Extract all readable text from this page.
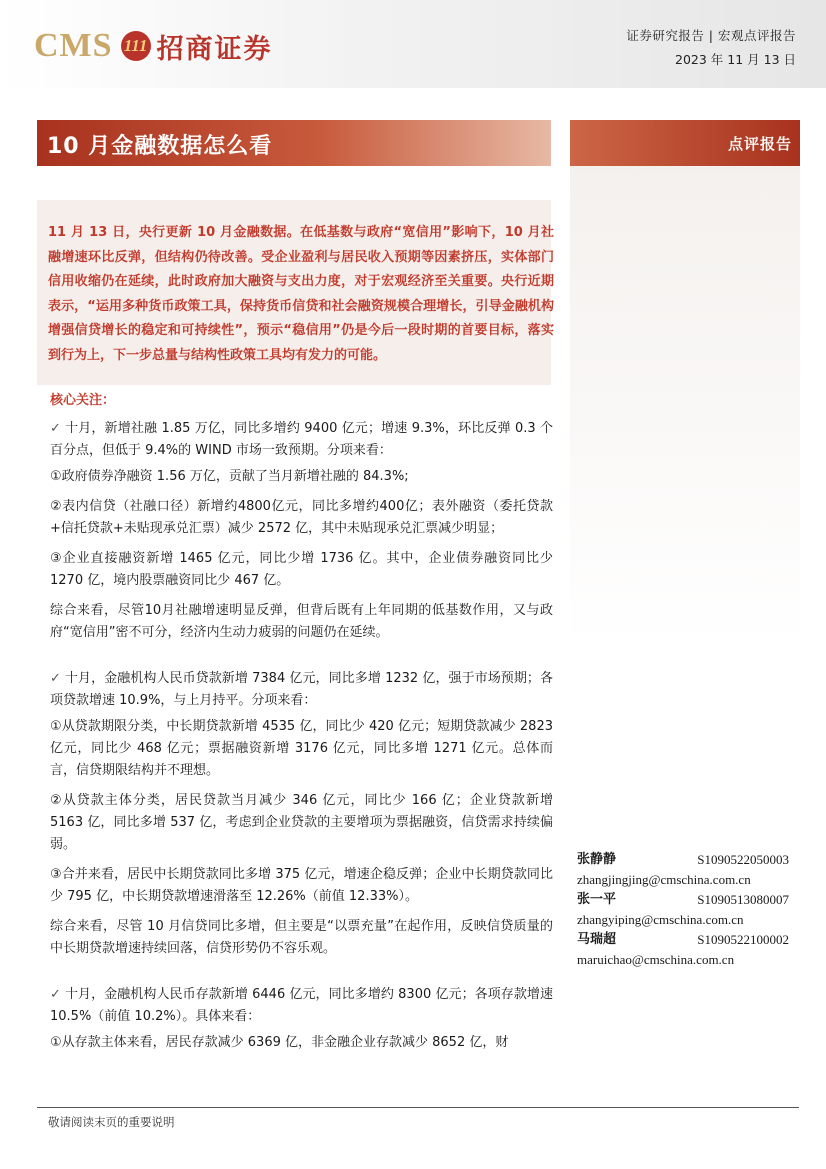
CMS 111 招商证券	证券研究报告 | 宏观点评报告
2023 年 11 月 13 日
10 月金融数据怎么看	点评报告

11 月 13 日，央行更新 10 月金融数据。在低基数与政府“宽信用”影响下，10 月社融增速环比反弹，但结构仍待改善。受企业盈利与居民收入预期等因素挤压，实体部门信用收缩仍在延续，此时政府加大融资与支出力度，对于宏观经济至关重要。央行近期表示，“运用多种货币政策工具，保持货币信贷和社会融资规模合理增长，引导金融机构增强信贷增长的稳定和可持续性”，预示“稳信用”仍是今后一段时期的首要目标，落实到行为上，下一步总量与结构性政策工具均有发力的可能。

核心关注：

✓ 十月，新增社融 1.85 万亿，同比多增约 9400 亿元；增速 9.3%，环比反弹 0.3 个百分点，但低于 9.4%的 WIND 市场一致预期。分项来看：

①政府债券净融资 1.56 万亿，贡献了当月新增社融的 84.3%;

②表内信贷（社融口径）新增约4800亿元，同比多增约400亿；表外融资（委托贷款+信托贷款+未贴现承兑汇票）减少 2572 亿，其中未贴现承兑汇票减少明显；

③企业直接融资新增 1465 亿元，同比少增 1736 亿。其中，企业债券融资同比少 1270 亿，境内股票融资同比少 467 亿。

综合来看，尽管10月社融增速明显反弹，但背后既有上年同期的低基数作用，又与政府“宽信用”密不可分，经济内生动力疲弱的问题仍在延续。

✓ 十月，金融机构人民币贷款新增 7384 亿元，同比多增 1232 亿，强于市场预期；各项贷款增速 10.9%，与上月持平。分项来看：

①从贷款期限分类，中长期贷款新增 4535 亿，同比少 420 亿元；短期贷款减少 2823 亿元，同比少 468 亿元；票据融资新增 3176 亿元，同比多增 1271 亿元。总体而言，信贷期限结构并不理想。

②从贷款主体分类，居民贷款当月减少 346 亿元，同比少 166 亿；企业贷款新增 5163 亿，同比多增 537 亿，考虑到企业贷款的主要增项为票据融资，信贷需求持续偏弱。

③合并来看，居民中长期贷款同比多增 375 亿元，增速企稳反弹；企业中长期贷款同比少 795 亿，中长期贷款增速滑落至 12.26%（前值 12.33%）。

综合来看，尽管 10 月信贷同比多增，但主要是“以票充量”在起作用，反映信贷质量的中长期贷款增速持续回落，信贷形势仍不容乐观。

✓ 十月，金融机构人民币存款新增 6446 亿元，同比多增约 8300 亿元；各项存款增速 10.5%（前值 10.2%）。具体来看：

①从存款主体来看，居民存款减少 6369 亿，非金融企业存款减少 8652 亿，财

张静静	S1090522050003
zhangjingjing@cmschina.com.cn
张一平	S1090513080007
zhangyiping@cmschina.com.cn
马瑞超	S1090522100002
maruichao@cmschina.com.cn
敬请阅读末页的重要说明
